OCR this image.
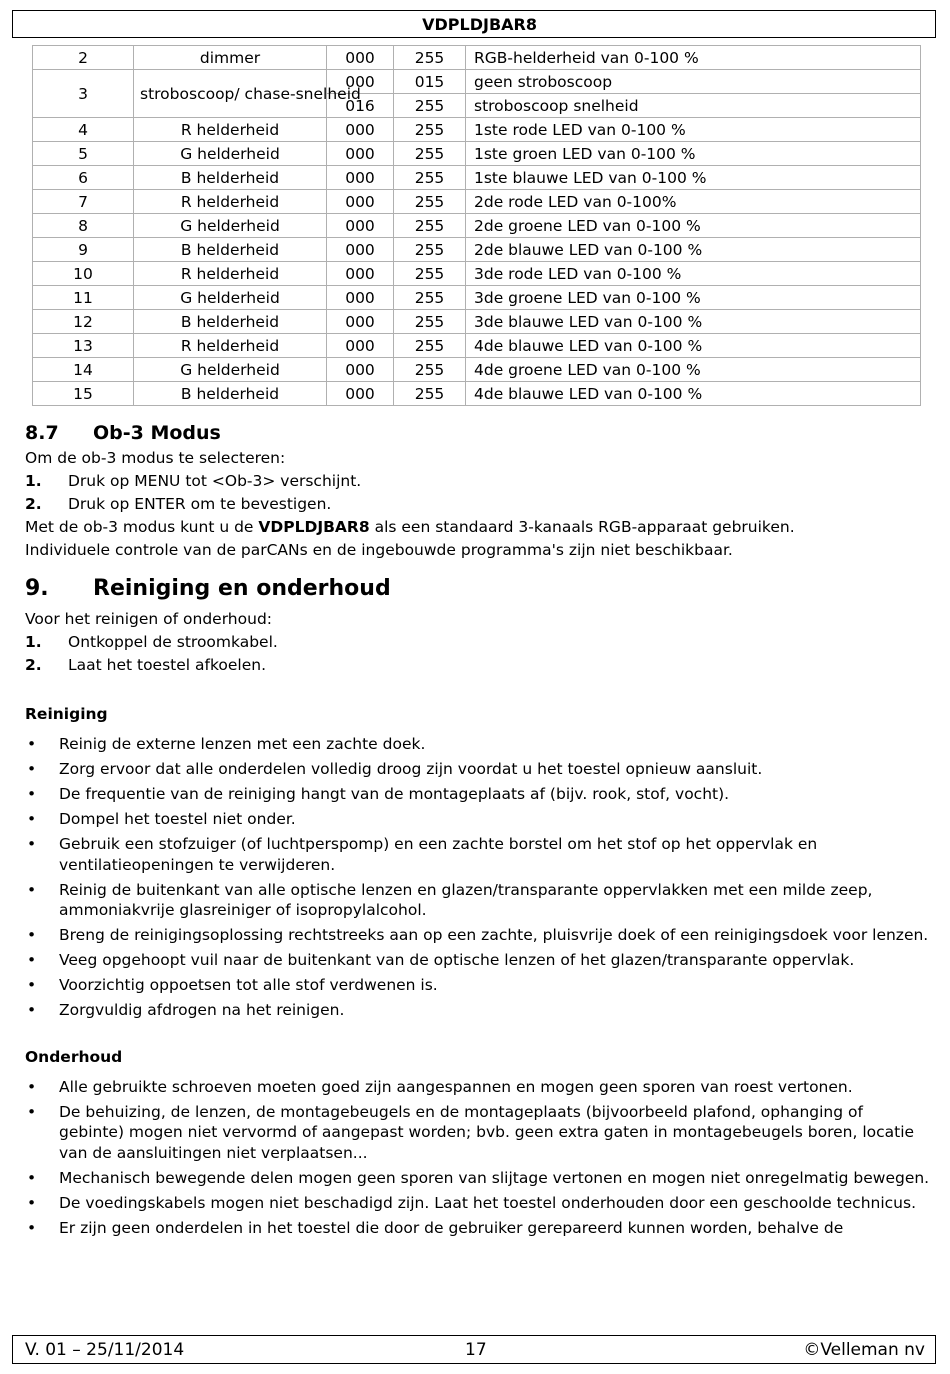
VDPLDJBAR8
2	dimmer	000	255	RGB-helderheid van 0-100 %
3	stroboscoop/ chase-snelheid	000	015	geen stroboscoop
		016	255	stroboscoop snelheid
4	R helderheid	000	255	1ste rode LED van 0-100 %
5	G helderheid	000	255	1ste groen LED van 0-100 %
6	B helderheid	000	255	1ste blauwe LED van 0-100 %
7	R helderheid	000	255	2de rode LED van 0-100%
8	G helderheid	000	255	2de groene LED van 0-100 %
9	B helderheid	000	255	2de blauwe LED van 0-100 %
10	R helderheid	000	255	3de rode LED van 0-100 %
11	G helderheid	000	255	3de groene LED van 0-100 %
12	B helderheid	000	255	3de blauwe LED van 0-100 %
13	R helderheid	000	255	4de blauwe LED van 0-100 %
14	G helderheid	000	255	4de groene LED van 0-100 %
15	B helderheid	000	255	4de blauwe LED van 0-100 %
8.7 Ob-3 Modus

Om de ob-3 modus te selecteren:

1. Druk op MENU tot <Ob-3> verschijnt.

2. Druk op ENTER om te bevestigen.

Met de ob-3 modus kunt u de VDPLDJBAR8 als een standaard 3-kanaals RGB-apparaat gebruiken.

Individuele controle van de parCANs en de ingebouwde programma's zijn niet beschikbaar.

9. Reiniging en onderhoud

Voor het reinigen of onderhoud:

1. Ontkoppel de stroomkabel.

2. Laat het toestel afkoelen.

Reiniging

• Reinig de externe lenzen met een zachte doek.
• Zorg ervoor dat alle onderdelen volledig droog zijn voordat u het toestel opnieuw aansluit.
• De frequentie van de reiniging hangt van de montageplaats af (bijv. rook, stof, vocht).
• Dompel het toestel niet onder.
• Gebruik een stofzuiger (of luchtperspomp) en een zachte borstel om het stof op het oppervlak en ventilatieopeningen te verwijderen.
• Reinig de buitenkant van alle optische lenzen en glazen/transparante oppervlakken met een milde zeep, ammoniakvrije glasreiniger of isopropylalcohol.
• Breng de reinigingsoplossing rechtstreeks aan op een zachte, pluisvrije doek of een reinigingsdoek voor lenzen.
• Veeg opgehoopt vuil naar de buitenkant van de optische lenzen of het glazen/transparante oppervlak.
• Voorzichtig oppoetsen tot alle stof verdwenen is.
• Zorgvuldig afdrogen na het reinigen.

Onderhoud

• Alle gebruikte schroeven moeten goed zijn aangespannen en mogen geen sporen van roest vertonen.
• De behuizing, de lenzen, de montagebeugels en de montageplaats (bijvoorbeeld plafond, ophanging of gebinte) mogen niet vervormd of aangepast worden; bvb. geen extra gaten in montagebeugels boren, locatie van de aansluitingen niet verplaatsen...
• Mechanisch bewegende delen mogen geen sporen van slijtage vertonen en mogen niet onregelmatig bewegen.
• De voedingskabels mogen niet beschadigd zijn. Laat het toestel onderhouden door een geschoolde technicus.
• Er zijn geen onderdelen in het toestel die door de gebruiker gerepareerd kunnen worden, behalve de
V. 01 – 25/11/2014	17	©Velleman nv
